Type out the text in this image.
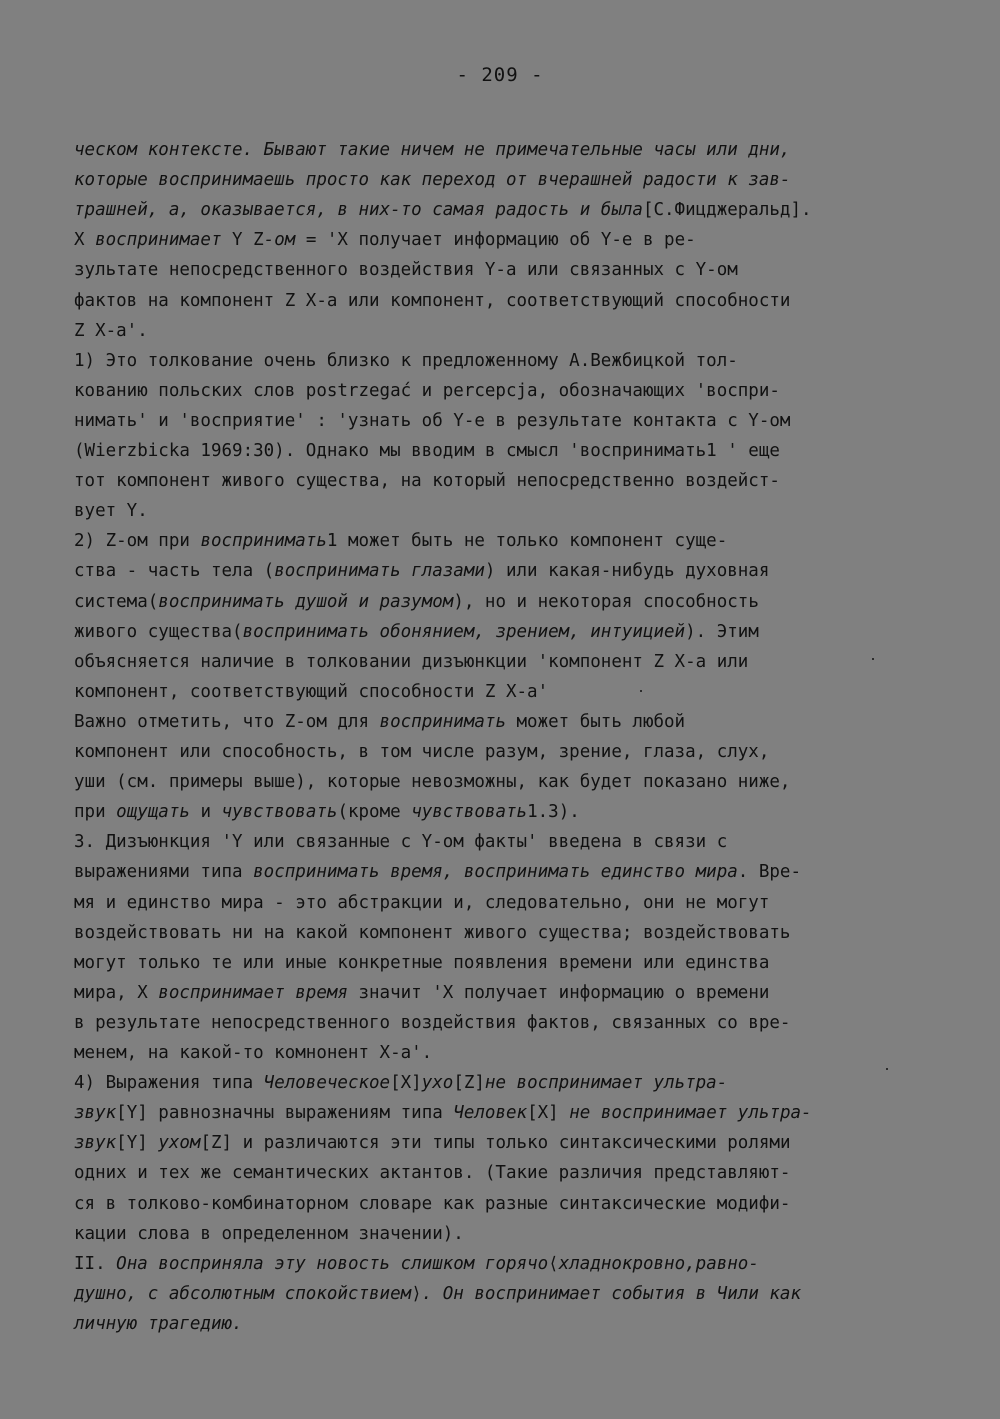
- 209 -
ческом контексте. Бывают такие ничем не примечательные часы или дни,
которые воспринимаешь просто как переход от вчерашней радости к зав-
трашней, а, оказывается, в них-то самая радость и была[С.Фицджеральд].
X воспринимает Y Z-ом = 'X получает информацию об Y-е в ре-
зультате непосредственного воздействия Y-а или связанных с Y-ом
фактов на компонент Z X-а или компонент, соответствующий способности
Z X-а'.
1) Это толкование очень близко к предложенному А.Вежбицкой тол-
кованию польских слов postrzegać и percepcja, обозначающих 'воспри-
нимать' и 'восприятие' : 'узнать об Y-е в результате контакта с Y-ом
(Wierzbicka 1969:30). Однако мы вводим в смысл 'воспринимать1 ' еще
тот компонент живого существа, на который непосредственно воздейст-
вует Y.
2) Z-ом при воспринимать1 может быть не только компонент суще-
ства - часть тела (воспринимать глазами) или какая-нибудь духовная
система(воспринимать душой и разумом), но и некоторая способность
живого существа(воспринимать обонянием, зрением, интуицией). Этим
объясняется наличие в толковании дизъюнкции 'компонент Z X-а или
компонент, соответствующий способности Z X-а'
Важно отметить, что Z-ом для воспринимать может быть любой
компонент или способность, в том числе разум, зрение, глаза, слух,
уши (см. примеры выше), которые невозможны, как будет показано ниже,
при ощущать и чувствовать(кроме чувствовать1.3).
3. Дизъюнкция 'Y или связанные с Y-ом факты' введена в связи с
выражениями типа воспринимать время, воспринимать единство мира. Вре-
мя и единство мира - это абстракции и, следовательно, они не могут
воздействовать ни на какой компонент живого существа; воздействовать
могут только те или иные конкретные появления времени или единства
мира, X воспринимает время значит 'X получает информацию о времени
в результате непосредственного воздействия фактов, связанных со вре-
менем, на какой-то комнонент X-а'.
4) Выражения типа Человеческое[X]ухо[Z]не воспринимает ультра-
звук[Y] равнозначны выражениям типа Человек[X] не воспринимает ультра-
звук[Y] ухом[Z] и различаются эти типы только синтаксическими ролями
одних и тех же семантических актантов. (Такие различия представляют-
ся в толково-комбинаторном словаре как разные синтаксические модифи-
кации слова в определенном значении).
II. Она восприняла эту новость слишком горячо⟨хладнокровно,равно-
душно, с абсолютным спокойствием⟩. Он воспринимает события в Чили как
личную трагедию.
